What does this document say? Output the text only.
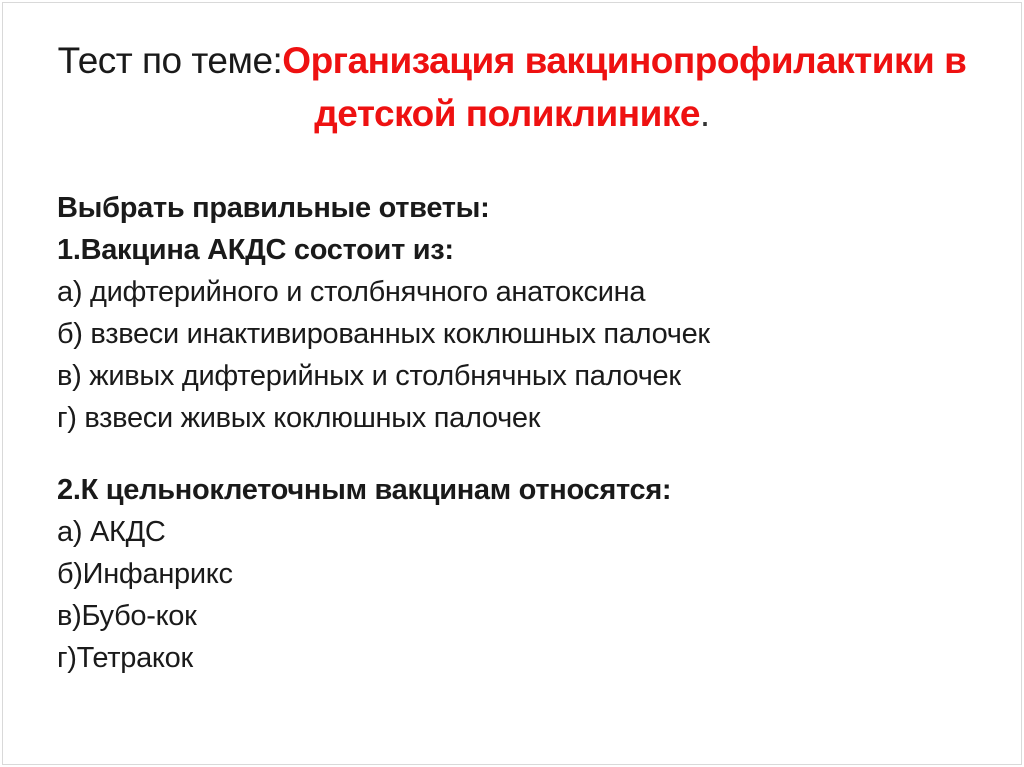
Тест по теме:Организация вакцинопрофилактики в
детской поликлинике.
Выбрать правильные ответы:
1.Вакцина АКДС состоит из:
а) дифтерийного и столбнячного анатоксина
б) взвеси инактивированных коклюшных палочек
в) живых дифтерийных и столбнячных палочек
г) взвеси живых коклюшных палочек
2.К цельноклеточным вакцинам относятся:
а) АКДС
б)Инфанрикс
в)Бубо-кок
г)Тетракок
